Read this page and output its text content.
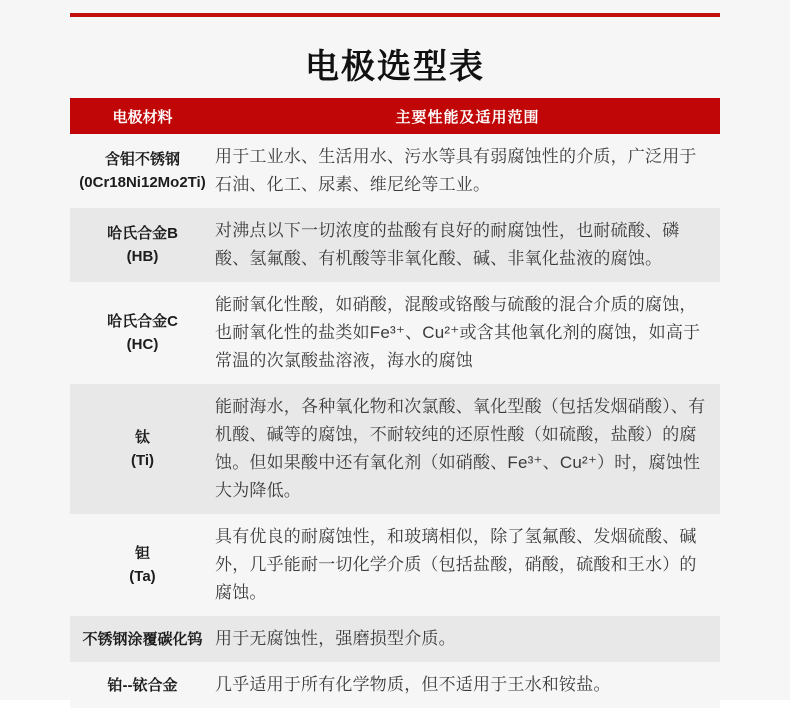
电极选型表
电极材料	主要性能及适用范围
含钼不锈钢
(0Cr18Ni12Mo2Ti)
用于工业水、生活用水、污水等具有弱腐蚀性的介质，广泛用于石油、化工、尿素、维尼纶等工业。
哈氏合金B
(HB)
对沸点以下一切浓度的盐酸有良好的耐腐蚀性，也耐硫酸、磷酸、氢氟酸、有机酸等非氧化酸、碱、非氧化盐液的腐蚀。
哈氏合金C
(HC)
能耐氧化性酸，如硝酸，混酸或铬酸与硫酸的混合介质的腐蚀，也耐氧化性的盐类如Fe³⁺、Cu²⁺或含其他氧化剂的腐蚀，如高于常温的次氯酸盐溶液，海水的腐蚀
钛
(Ti)
能耐海水，各种氧化物和次氯酸、氧化型酸（包括发烟硝酸）、有机酸、碱等的腐蚀，不耐较纯的还原性酸（如硫酸，盐酸）的腐蚀。但如果酸中还有氧化剂（如硝酸、Fe³⁺、Cu²⁺）时，腐蚀性大为降低。
钽
(Ta)
具有优良的耐腐蚀性，和玻璃相似，除了氢氟酸、发烟硫酸、碱外，几乎能耐一切化学介质（包括盐酸，硝酸，硫酸和王水）的腐蚀。
不锈钢涂覆碳化钨 用于无腐蚀性，强磨损型介质。
铂--铱合金	几乎适用于所有化学物质，但不适用于王水和铵盐。
